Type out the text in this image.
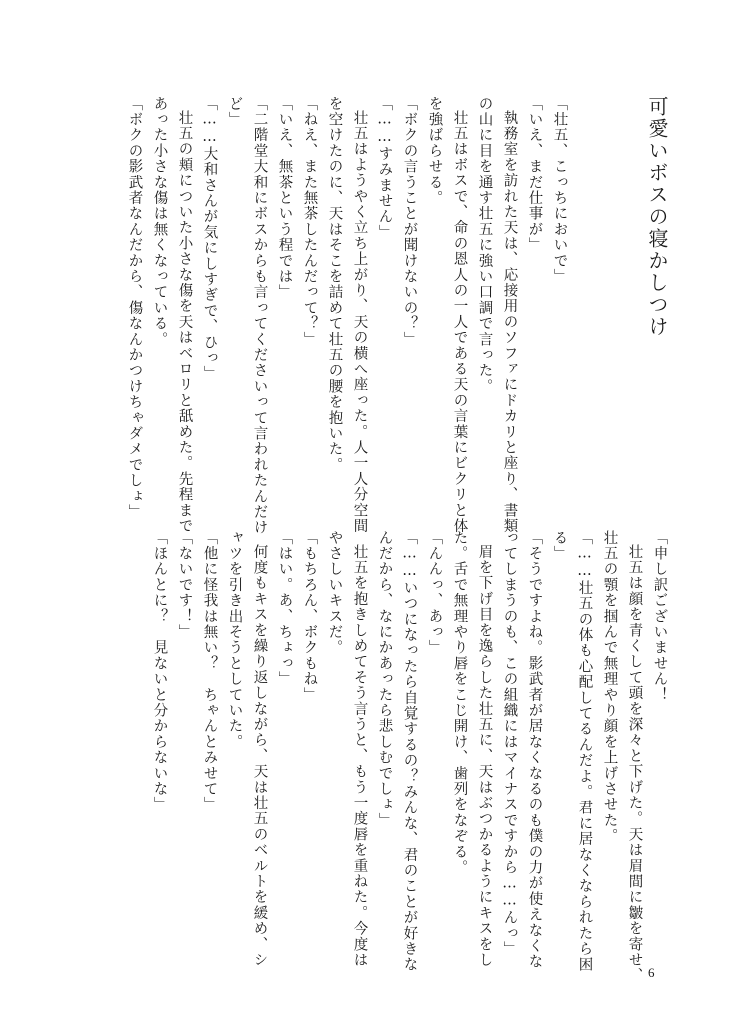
可愛いボスの寝かしつけ
「壮五、こっちにおいで」
「いえ、まだ仕事が」
執務室を訪れた天は、応接用のソファにドカリと座り、書類
の山に目を通す壮五に強い口調で言った。
壮五はボスで、命の恩人の一人である天の言葉にビクリと体
を強ばらせる。
「ボクの言うことが聞けないの？」
「……すみません」
壮五はようやく立ち上がり、天の横へ座った。人一人分空間
を空けたのに、天はそこを詰めて壮五の腰を抱いた。
「ねえ、また無茶したんだって？」
「いえ、無茶という程では」
「二階堂大和にボスからも言ってくださいって言われたんだけ
ど」
「……大和さんが気にしすぎで、ひっ」
壮五の頬についた小さな傷を天はベロリと舐めた。先程まで
あった小さな傷は無くなっている。
「ボクの影武者なんだから、傷なんかつけちゃダメでしょ」
「申し訳ございません！
壮五は顔を青くして頭を深々と下げた。天は眉間に皺を寄せ、
壮五の顎を掴んで無理やり顔を上げさせた。
「……壮五の体も心配してるんだよ。君に居なくなられたら困
る」
「そうですよね。影武者が居なくなるのも僕の力が使えなくな
ってしまうのも、この組織にはマイナスですから……んっ」
眉を下げ目を逸らした壮五に、天はぶつかるようにキスをし
た。舌で無理やり唇をこじ開け、歯列をなぞる。
「んんっ、あっ」
「……いつになったら自覚するの？みんな、君のことが好きな
んだから、なにかあったら悲しむでしょ」
壮五を抱きしめてそう言うと、もう一度唇を重ねた。今度は
やさしいキスだ。
「もちろん、ボクもね」
「はい。あ、ちょっ」
何度もキスを繰り返しながら、天は壮五のベルトを緩め、シ
ャツを引き出そうとしていた。
「他に怪我は無い？　ちゃんとみせて」
「ないです！」
「ほんとに？　見ないと分からないな」
6
